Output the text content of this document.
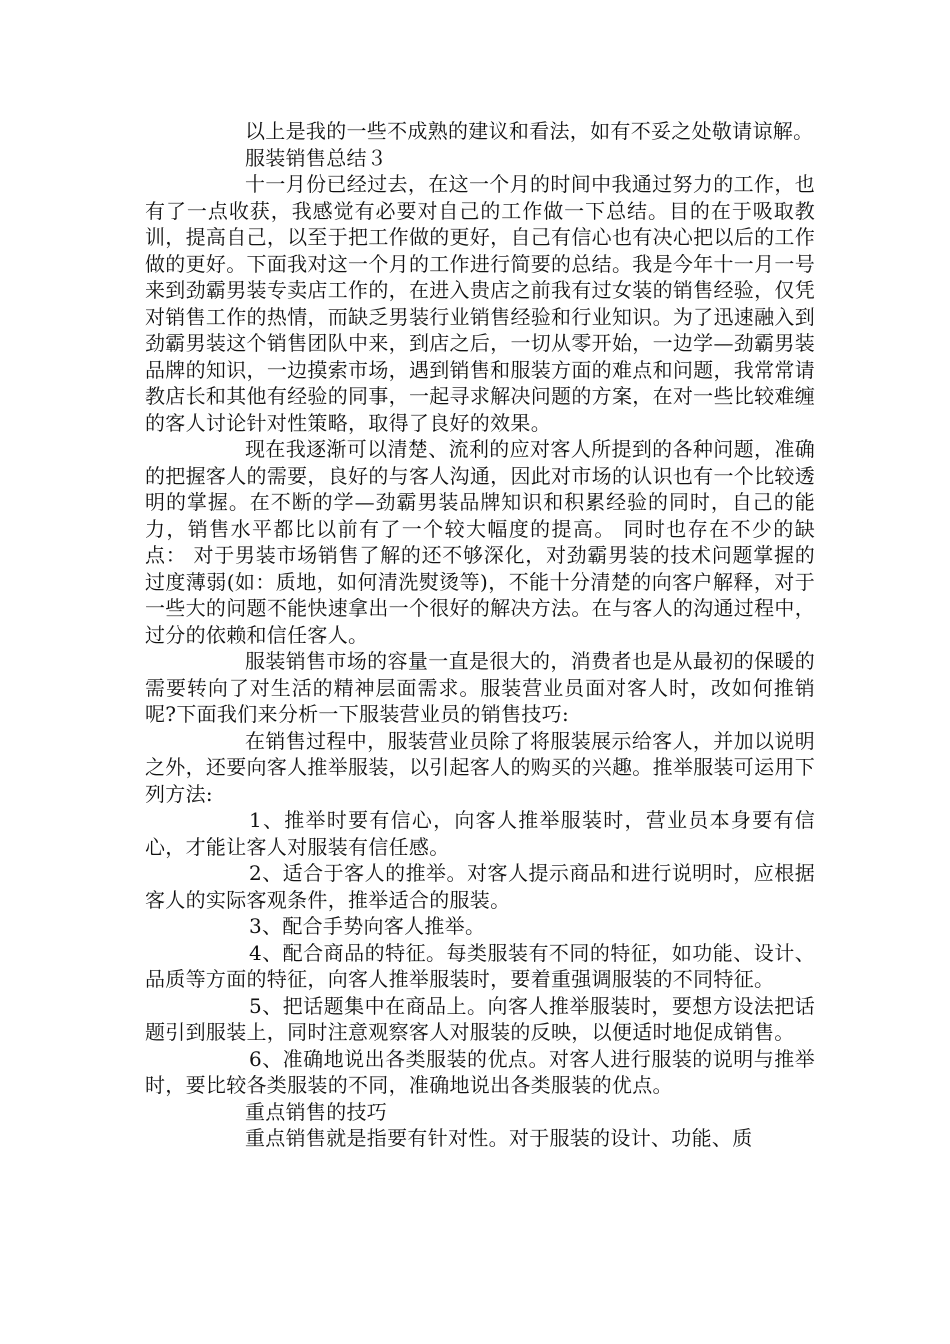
以上是我的一些不成熟的建议和看法，如有不妥之处敬请谅解。

服装销售总结３

十一月份已经过去，在这一个月的时间中我通过努力的工作，也有了一点收获，我感觉有必要对自己的工作做一下总结。目的在于吸取教训，提高自己，以至于把工作做的更好，自己有信心也有决心把以后的工作做的更好。下面我对这一个月的工作进行简要的总结。我是今年十一月一号来到劲霸男装专卖店工作的，在进入贵店之前我有过女装的销售经验，仅凭对销售工作的热情，而缺乏男装行业销售经验和行业知识。为了迅速融入到劲霸男装这个销售团队中来，到店之后，一切从零开始，一边学—劲霸男装品牌的知识，一边摸索市场，遇到销售和服装方面的难点和问题，我常常请教店长和其他有经验的同事，一起寻求解决问题的方案，在对一些比较难缠的客人讨论针对性策略，取得了良好的效果。

现在我逐渐可以清楚、流利的应对客人所提到的各种问题，准确的把握客人的需要，良好的与客人沟通，因此对市场的认识也有一个比较透明的掌握。在不断的学—劲霸男装品牌知识和积累经验的同时，自己的能力，销售水平都比以前有了一个较大幅度的提高。 同时也存在不少的缺点： 对于男装市场销售了解的还不够深化，对劲霸男装的技术问题掌握的过度薄弱(如：质地，如何清洗熨烫等)，不能十分清楚的向客户解释，对于一些大的问题不能快速拿出一个很好的解决方法。在与客人的沟通过程中，过分的依赖和信任客人。

服装销售市场的容量一直是很大的，消费者也是从最初的保暖的需要转向了对生活的精神层面需求。服装营业员面对客人时，改如何推销呢?下面我们来分析一下服装营业员的销售技巧:

在销售过程中，服装营业员除了将服装展示给客人，并加以说明之外，还要向客人推举服装，以引起客人的购买的兴趣。推举服装可运用下列方法:

1、推举时要有信心，向客人推举服装时，营业员本身要有信心，才能让客人对服装有信任感。

2、适合于客人的推举。对客人提示商品和进行说明时，应根据客人的实际客观条件，推举适合的服装。

3、配合手势向客人推举。

4、配合商品的特征。每类服装有不同的特征，如功能、设计、品质等方面的特征，向客人推举服装时，要着重强调服装的不同特征。

5、把话题集中在商品上。向客人推举服装时，要想方设法把话题引到服装上，同时注意观察客人对服装的反映，以便适时地促成销售。

6、准确地说出各类服装的优点。对客人进行服装的说明与推举时，要比较各类服装的不同，准确地说出各类服装的优点。

重点销售的技巧

重点销售就是指要有针对性。对于服装的设计、功能、质
